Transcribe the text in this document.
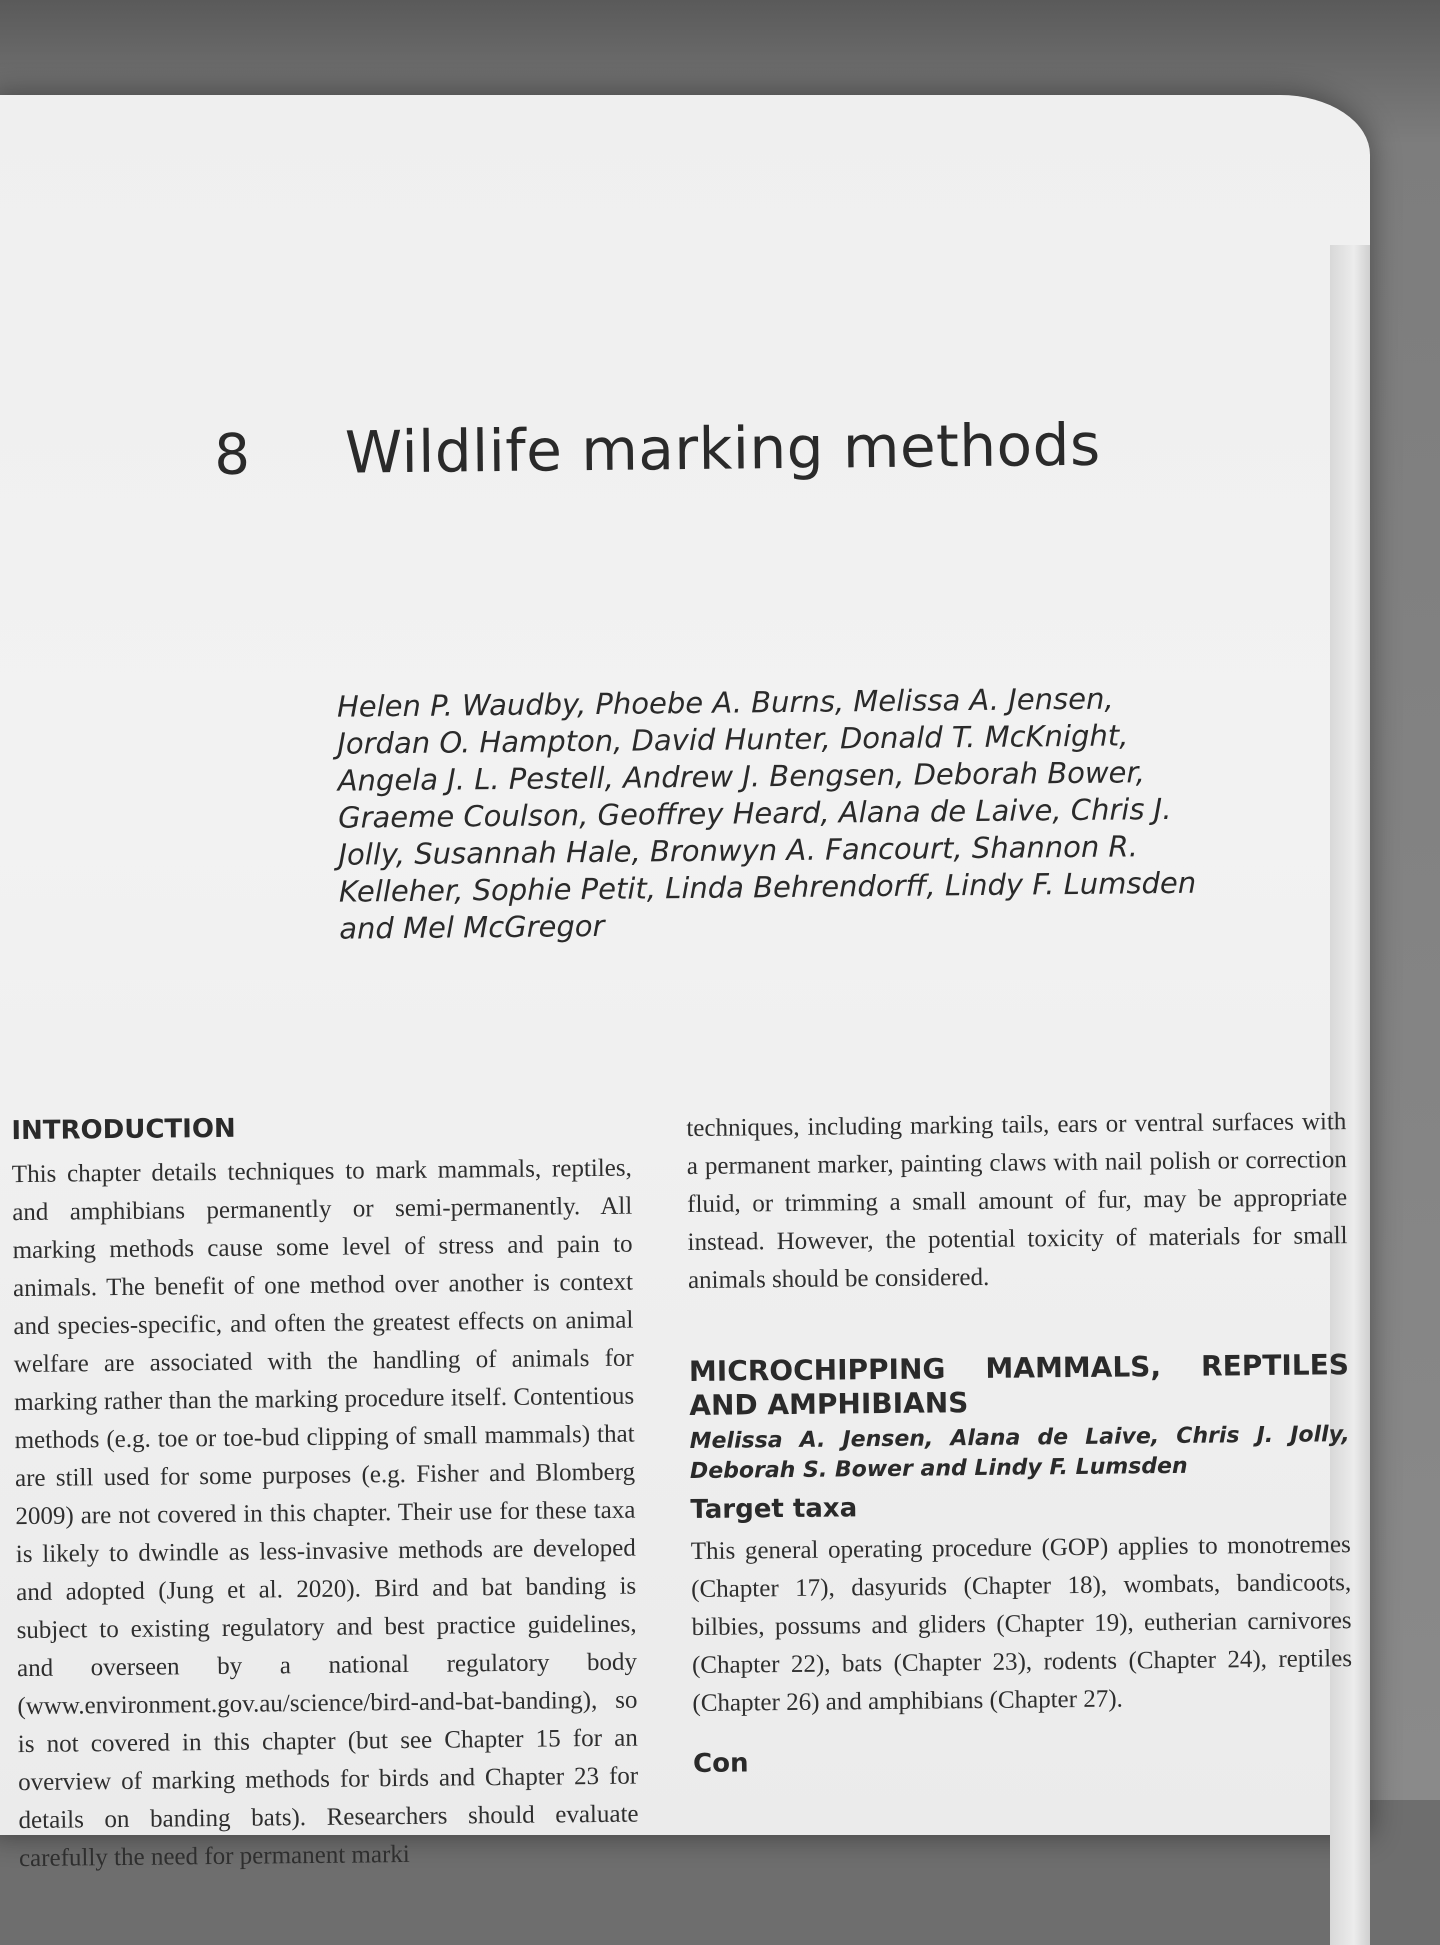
8 Wildlife marking methods
Helen P. Waudby, Phoebe A. Burns, Melissa A. Jensen, Jordan O. Hampton, David Hunter, Donald T. McKnight, Angela J. L. Pestell, Andrew J. Bengsen, Deborah Bower, Graeme Coulson, Geoffrey Heard, Alana de Laive, Chris J. Jolly, Susannah Hale, Bronwyn A. Fancourt, Shannon R. Kelleher, Sophie Petit, Linda Behrendorff, Lindy F. Lumsden and Mel McGregor
INTRODUCTION

This chapter details techniques to mark mammals, reptiles, and amphibians permanently or semi-permanently. All marking methods cause some level of stress and pain to animals. The benefit of one method over another is context and species-specific, and often the greatest effects on animal welfare are associated with the handling of animals for marking rather than the marking procedure itself. Contentious methods (e.g. toe or toe-bud clipping of small mammals) that are still used for some purposes (e.g. Fisher and Blomberg 2009) are not covered in this chapter. Their use for these taxa is likely to dwindle as less-invasive methods are developed and adopted (Jung et al. 2020). Bird and bat banding is subject to existing regulatory and best practice guidelines, and overseen by a national regulatory body (www.environment.gov.au/science/bird-and-bat-banding), so is not covered in this chapter (but see Chapter 15 for an overview of marking methods for birds and Chapter 23 for details on banding bats). Researchers should evaluate carefully the need for permanent marki

techniques, including marking tails, ears or ventral surfaces with a permanent marker, painting claws with nail polish or correction fluid, or trimming a small amount of fur, may be appropriate instead. However, the potential toxicity of materials for small animals should be considered.

MICROCHIPPING MAMMALS, REPTILES AND AMPHIBIANS
Melissa A. Jensen, Alana de Laive, Chris J. Jolly, Deborah S. Bower and Lindy F. Lumsden
Target taxa

This general operating procedure (GOP) applies to monotremes (Chapter 17), dasyurids (Chapter 18), wombats, bandicoots, bilbies, possums and gliders (Chapter 19), eutherian carnivores (Chapter 22), bats (Chapter 23), rodents (Chapter 24), reptiles (Chapter 26) and amphibians (Chapter 27).

Con
